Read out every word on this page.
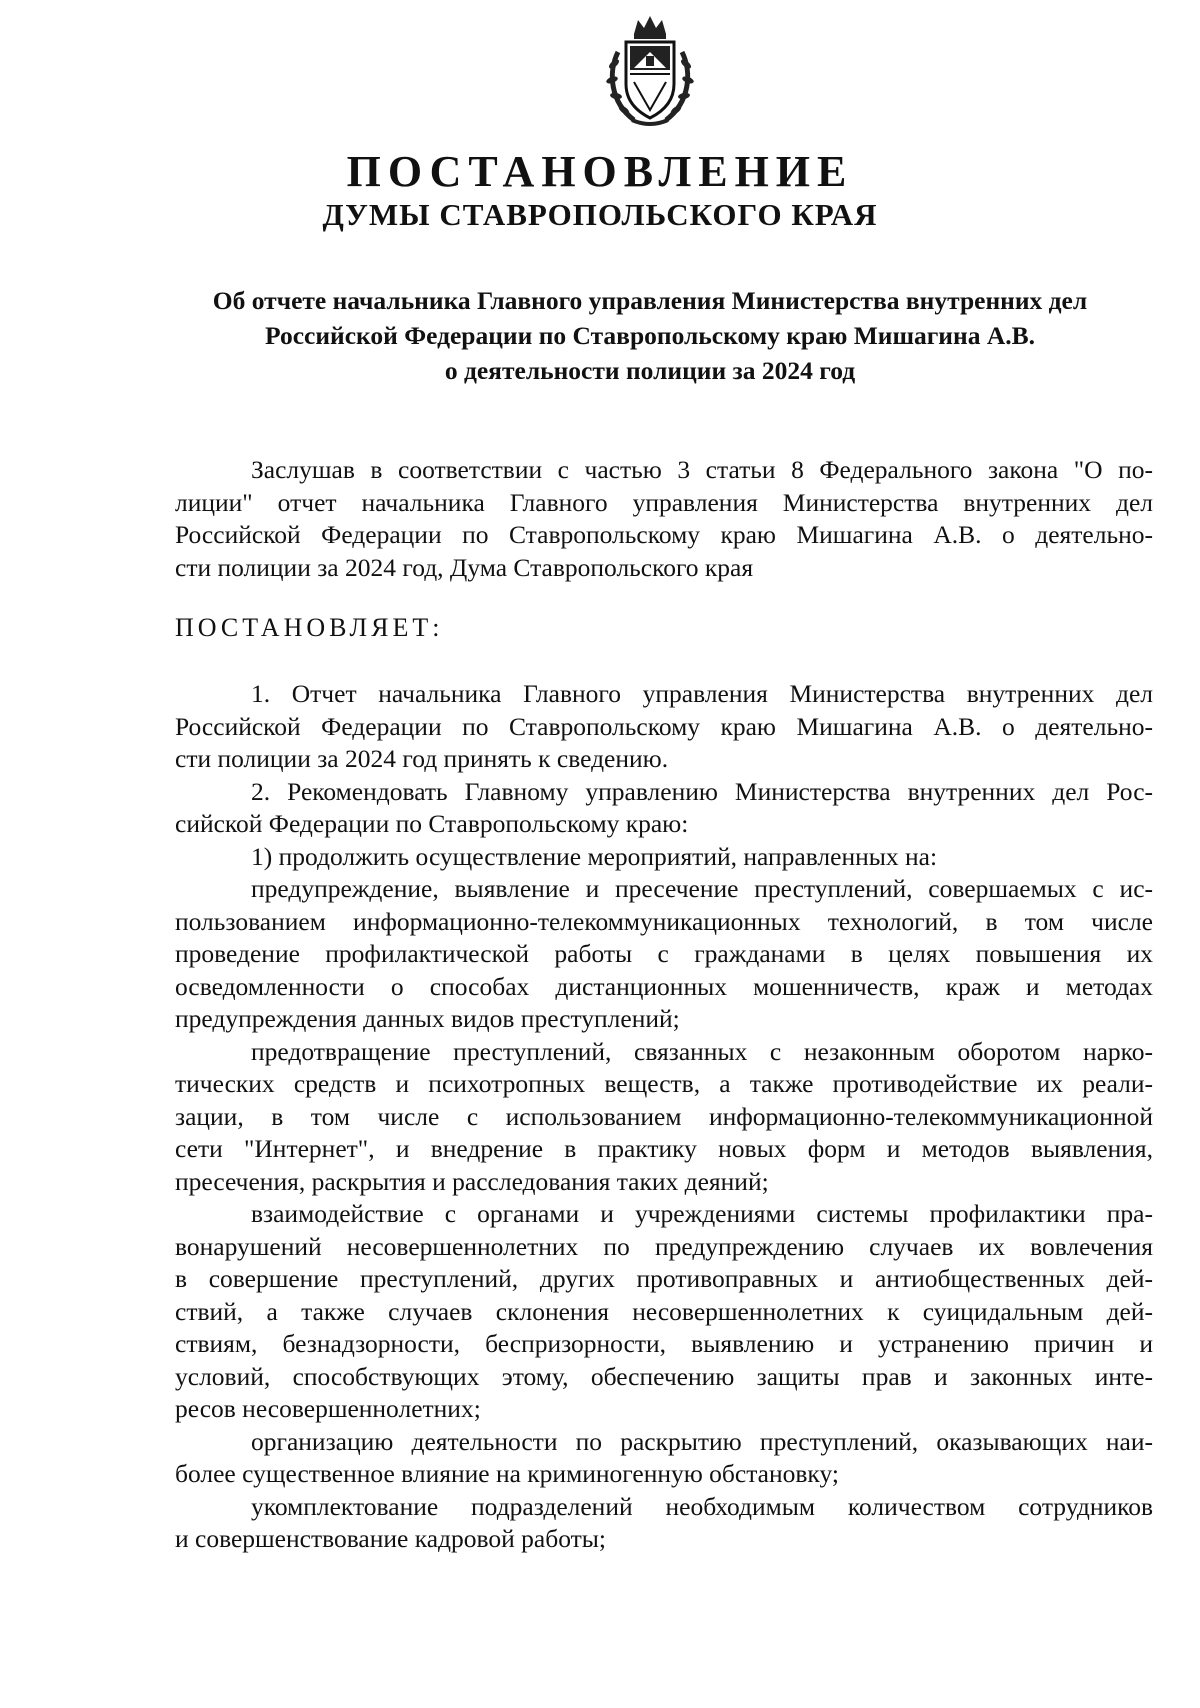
ПОСТАНОВЛЕНИЕ
ДУМЫ СТАВРОПОЛЬСКОГО КРАЯ
Об отчете начальника Главного управления Министерства внутренних дел
Российской Федерации по Ставропольскому краю Мишагина А.В.
о деятельности полиции за 2024 год
Заслушав в соответствии с частью 3 статьи 8 Федерального закона "О по-
лиции" отчет начальника Главного управления Министерства внутренних дел
Российской Федерации по Ставропольскому краю Мишагина А.В. о деятельно-
сти полиции за 2024 год, Дума Ставропольского края
ПОСТАНОВЛЯЕТ:
1. Отчет начальника Главного управления Министерства внутренних дел
Российской Федерации по Ставропольскому краю Мишагина А.В. о деятельно-
сти полиции за 2024 год принять к сведению.
2. Рекомендовать Главному управлению Министерства внутренних дел Рос-
сийской Федерации по Ставропольскому краю:
1) продолжить осуществление мероприятий, направленных на:
предупреждение, выявление и пресечение преступлений, совершаемых с ис-
пользованием информационно-телекоммуникационных технологий, в том числе
проведение профилактической работы с гражданами в целях повышения их
осведомленности о способах дистанционных мошенничеств, краж и методах
предупреждения данных видов преступлений;
предотвращение преступлений, связанных с незаконным оборотом нарко-
тических средств и психотропных веществ, а также противодействие их реали-
зации, в том числе с использованием информационно-телекоммуникационной
сети "Интернет", и внедрение в практику новых форм и методов выявления,
пресечения, раскрытия и расследования таких деяний;
взаимодействие с органами и учреждениями системы профилактики пра-
вонарушений несовершеннолетних по предупреждению случаев их вовлечения
в совершение преступлений, других противоправных и антиобщественных дей-
ствий, а также случаев склонения несовершеннолетних к суицидальным дей-
ствиям, безнадзорности, беспризорности, выявлению и устранению причин и
условий, способствующих этому, обеспечению защиты прав и законных инте-
ресов несовершеннолетних;
организацию деятельности по раскрытию преступлений, оказывающих наи-
более существенное влияние на криминогенную обстановку;
укомплектование подразделений необходимым количеством сотрудников
и совершенствование кадровой работы;
